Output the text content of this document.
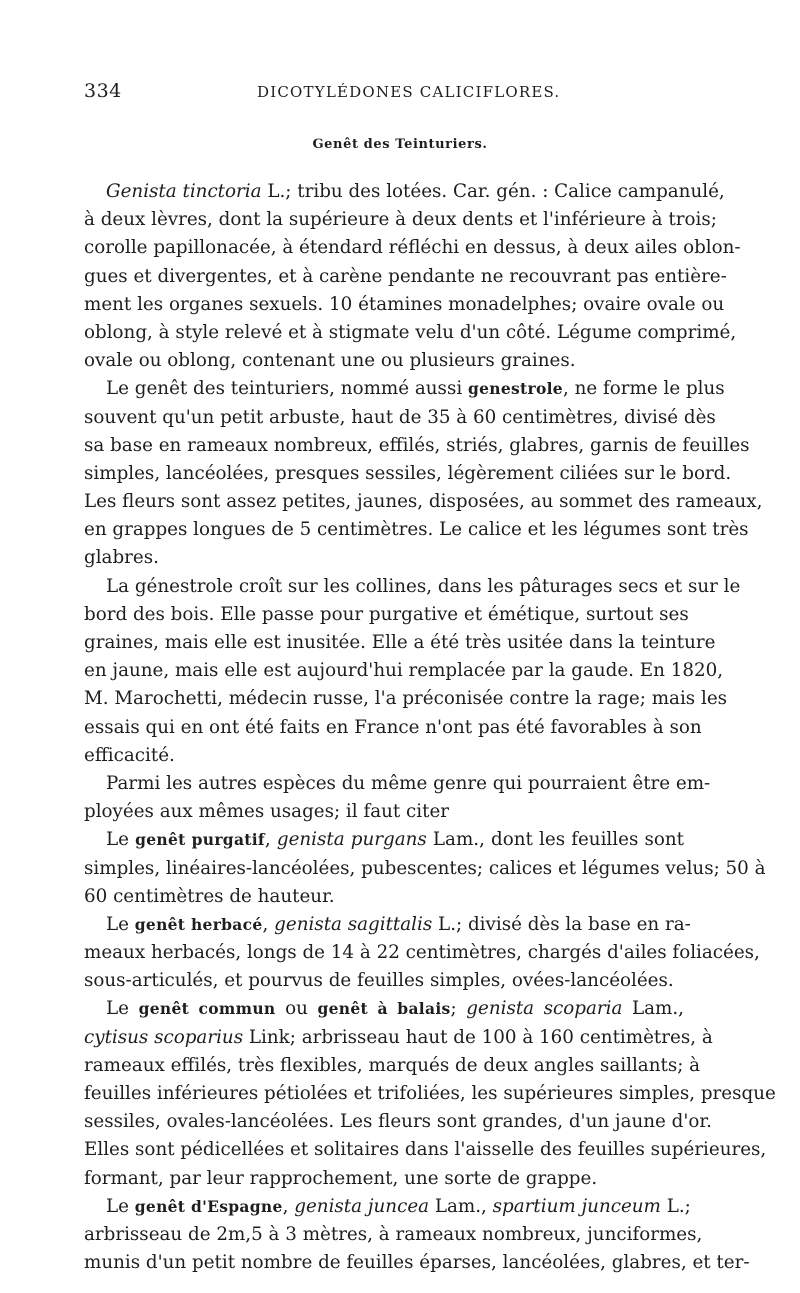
334	DICOTYLÉDONES CALICIFLORES.
Genêt des Teinturiers.
Genista tinctoria L.; tribu des lotées. Car. gén. : Calice campanulé,
à deux lèvres, dont la supérieure à deux dents et l'inférieure à trois;
corolle papillonacée, à étendard réfléchi en dessus, à deux ailes oblon-
gues et divergentes, et à carène pendante ne recouvrant pas entière-
ment les organes sexuels. 10 étamines monadelphes; ovaire ovale ou
oblong, à style relevé et à stigmate velu d'un côté. Légume comprimé,
ovale ou oblong, contenant une ou plusieurs graines.
Le genêt des teinturiers, nommé aussi genestrole, ne forme le plus
souvent qu'un petit arbuste, haut de 35 à 60 centimètres, divisé dès
sa base en rameaux nombreux, effilés, striés, glabres, garnis de feuilles
simples, lancéolées, presques sessiles, légèrement ciliées sur le bord.
Les fleurs sont assez petites, jaunes, disposées, au sommet des rameaux,
en grappes longues de 5 centimètres. Le calice et les légumes sont très
glabres.
La génestrole croît sur les collines, dans les pâturages secs et sur le
bord des bois. Elle passe pour purgative et émétique, surtout ses
graines, mais elle est inusitée. Elle a été très usitée dans la teinture
en jaune, mais elle est aujourd'hui remplacée par la gaude. En 1820,
M. Marochetti, médecin russe, l'a préconisée contre la rage; mais les
essais qui en ont été faits en France n'ont pas été favorables à son
efficacité.
Parmi les autres espèces du même genre qui pourraient être em-
ployées aux mêmes usages; il faut citer
Le genêt purgatif, genista purgans Lam., dont les feuilles sont
simples, linéaires-lancéolées, pubescentes; calices et légumes velus; 50 à
60 centimètres de hauteur.
Le genêt herbacé, genista sagittalis L.; divisé dès la base en ra-
meaux herbacés, longs de 14 à 22 centimètres, chargés d'ailes foliacées,
sous-articulés, et pourvus de feuilles simples, ovées-lancéolées.
Le genêt commun ou genêt à balais; genista scoparia Lam.,
cytisus scoparius Link; arbrisseau haut de 100 à 160 centimètres, à
rameaux effilés, très flexibles, marqués de deux angles saillants; à
feuilles inférieures pétiolées et trifoliées, les supérieures simples, presque
sessiles, ovales-lancéolées. Les fleurs sont grandes, d'un jaune d'or.
Elles sont pédicellées et solitaires dans l'aisselle des feuilles supérieures,
formant, par leur rapprochement, une sorte de grappe.
Le genêt d'Espagne, genista juncea Lam., spartium junceum L.;
arbrisseau de 2m,5 à 3 mètres, à rameaux nombreux, junciformes,
munis d'un petit nombre de feuilles éparses, lancéolées, glabres, et ter-
